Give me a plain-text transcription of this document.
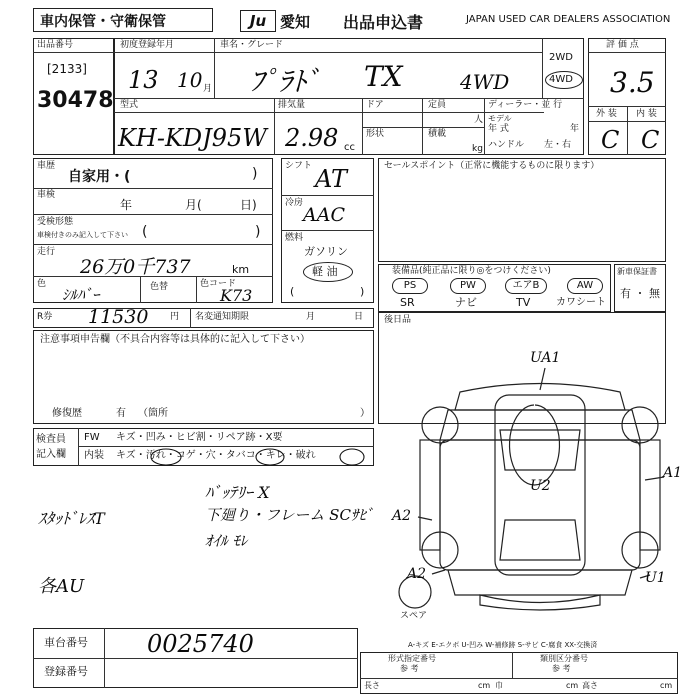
車内保管・守衛保管	Ju 愛知 出品申込書	JAPAN USED CAR DEALERS ASSOCIATION
出品番号
[2133]
30478
初度登録年月
13 10 月
車名・グレード
ﾌﾟﾗﾄﾞ TX	4WD
2WD
4WD
評 価 点
3.5
外 装 内 装
C C
型式
KH-KDJ95W
排気量
2.98 cc
ドア
形状
定員
人
積載
kg
ディーラー・並 行
モデル
年 式	年
ハンドル 左・右
車歴
自家用・(	)
車検
年	月(	日)
受検形態
車検付きのみ記入して下さい (	)
走行
26万0千737	km
色
ｼﾙﾊﾞｰ	色替	色コード
K73
シフト AT
冷房
AAC
燃料
ガソリン
軽 油
(	)
セールスポイント（正常に機能するものに限ります）
装備品(純正品に限り◎をつけください)
PS	PW	エアB	AW
SR	ナビ	TV	カワシート
新車保証書
有 ・ 無
R券 11530 円 名変通知期限	月	日 後日品
注意事項申告欄（不具合内容等は具体的に記入して下さい）
修復歴	有 （箇所	）
検査員
記入欄
FW キズ・凹み・ヒビ割・リペア跡・X要
内装 キズ・汚れ・コゲ・穴・タバコ・キレ・破れ
ｽﾀｯﾄﾞﾚｽT
ﾊﾞｯﾃﾘｰ X
下廻り・フレーム SCｻﾋﾞ
ｵｲﾙ ﾓﾚ
各AU
UA1
U2
A1
A2
A2	U1
スペア
A-キズ E-エクボ U-凹み W-補修跡 S-サビ C-腐食 XX-交換済
車台番号 0025740
登録番号
形式指定番号
参 考
類別区分番号
参 考
長さ	cm 巾	cm 高さ	cm
